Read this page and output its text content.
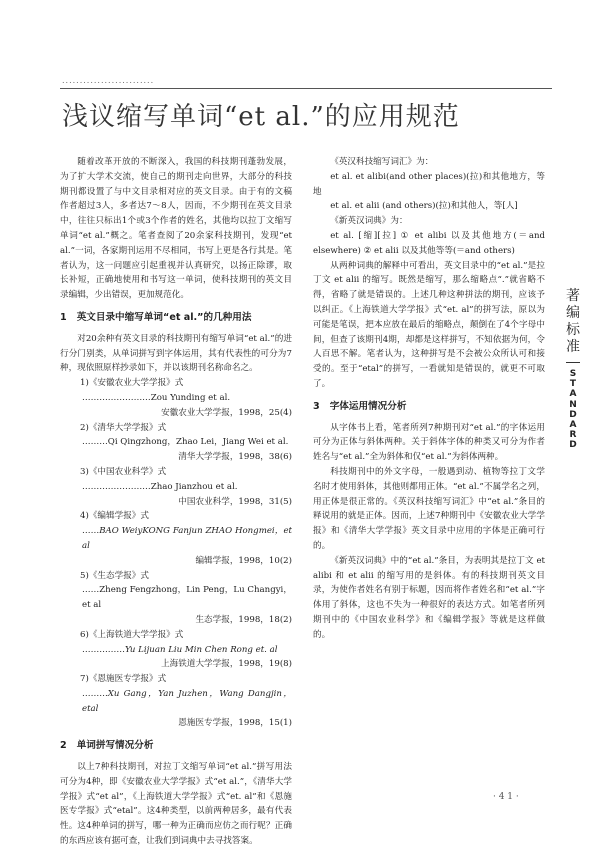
..........................
浅议缩写单词“et al.”的应用规范

随着改革开放的不断深入，我国的科技期刊蓬勃发展，为了扩大学术交流，使自己的期刊走向世界，大部分的科技期刊都设置了与中文目录相对应的英文目录。由于有的文稿作者超过3人，多者达7～8人，因而，不少期刊在英文目录中，往往只标出1个或3个作者的姓名，其他均以拉丁文缩写单词“et al.”概之。笔者查阅了20余家科技期刊，发现“et al.”一词，各家期刊运用不尽相同，书写上更是各行其是。笔者认为，这一问题应引起重视并认真研究，以扬正除谬，取长补短，正确地使用和书写这一单词，使科技期刊的英文目录编辑，少出错误，更加规范化。

1 英文目录中缩写单词“et al.”的几种用法

对20余种有英文目录的科技期刊有缩写单词“et al.”的进行分门别类，从单词拼写到字体运用，其有代表性的可分为7种，现依照原样抄录如下，并以该期刊名称命名之。

1)《安徽农业大学学报》式
……………………Zou Yunding et al.
安徽农业大学学报，1998，25(4)
2)《清华大学学报》式
………Qi Qingzhong，Zhao Lei，Jiang Wei et al.
清华大学学报，1998，38(6)
3)《中国农业科学》式
……………………Zhao Jianzhou et al.
中国农业科学，1998，31(5)
4)《编辑学报》式
……BAO WeiyKONG Fanjun ZHAO Hongmei，et al
编辑学报，1998，10(2)
5)《生态学报》式
……Zheng Fengzhong，Lin Peng，Lu Changyi，et al
生态学报，1998，18(2)
6)《上海铁道大学学报》式
……………Yu Lijuan Liu Min Chen Rong et. al
上海铁道大学学报，1998，19(8)
7)《恩施医专学报》式
………Xu Gang，Yan Juzhen，Wang Dangjin，etal
恩施医专学报，1998，15(1)
2 单词拼写情况分析

以上7种科技期刊，对拉丁文缩写单词“et al.”拼写用法可分为4种，即《安徽农业大学学报》式“et al.”，《清华大学学报》式“et al”，《上海铁道大学学报》式“et. al”和《恩施医专学报》式“etal”。这4种类型，以前两种居多，最有代表性。这4种单词的拼写，哪一种为正确而应仿之而行呢？正确的东西应该有据可查，让我们到词典中去寻找答案。

《英汉科技缩写词汇》为：

et al. et alibi(and other places)(拉)和其他地方，等地

et al. et alii (and others)(拉)和其他人，等[人]

《新英汉词典》为：

et al. [缩][拉] ① et alibi 以及其他地方(＝and elsewhere) ② et alii 以及其他等等(＝and others)

从两种词典的解释中可看出，英文目录中的“et al.”是拉丁文 et alii 的缩写。既然是缩写，那么缩略点“.”就省略不得，省略了就是错误的。上述几种这种拼法的期刊，应该予以纠正。《上海铁道大学学报》式“et. al”的拼写法，原以为可能是笔误，把本应放在最后的缩略点，颠倒在了4个字母中间，但查了该期刊4期，却都是这样拼写，不知依据为何，令人百思不解。笔者认为，这种拼写是不会被公众所认可和接受的。至于“etal”的拼写，一看就知是错误的，就更不可取了。

3 字体运用情况分析

从字体书上看，笔者所列7种期刊对“et al.”的字体运用可分为正体与斜体两种。关于斜体字体的种类又可分为作者姓名与“et al.”全为斜体和仅“et al.”为斜体两种。

科技期刊中的外文字母，一般遇到动、植物等拉丁文学名时才使用斜体，其他则都用正体。“et al.”不属学名之列，用正体是很正常的。《英汉科技缩写词汇》中“et al.”条目的释说用的就是正体。因而，上述7种期刊中《安徽农业大学学报》和《清华大学学报》英文目录中应用的字体是正确可行的。

《新英汉词典》中的“et al.”条目，为表明其是拉丁文 et alibi 和 et alii 的缩写用的是斜体。有的科技期刊英文目录，为使作者姓名有别于标题，因而将作者姓名和“et al.”字体用了斜体，这也不失为一种很好的表达方式。如笔者所列期刊中的《中国农业科学》和《编辑学报》等就是这样做的。

著
编
标
准
S
T
A
N
D
A
R
D
· 4 1 ·
